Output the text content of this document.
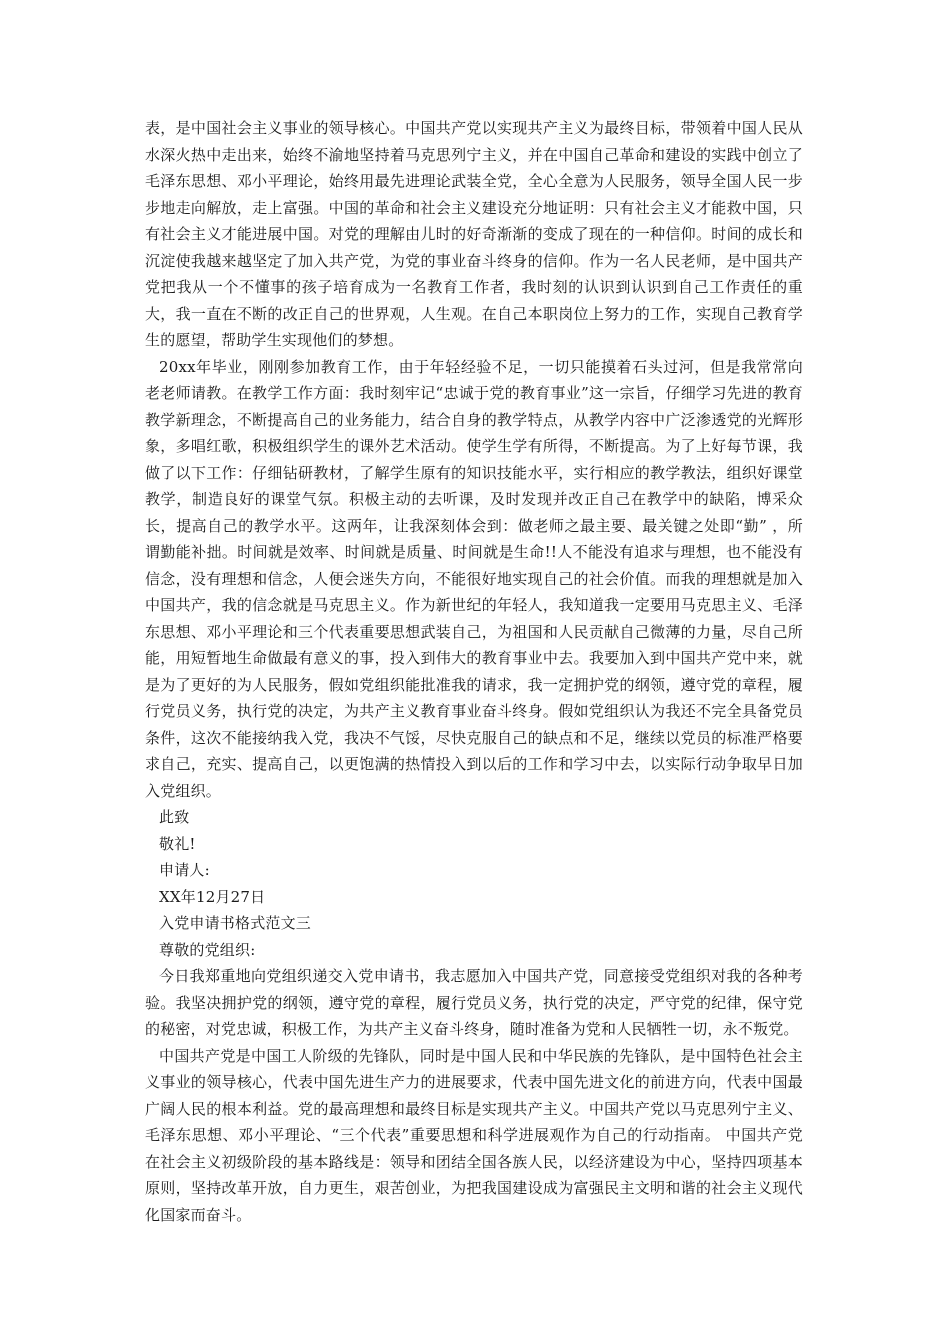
表，是中国社会主义事业的领导核心。中国共产党以实现共产主义为最终目标，带领着中国人民从水深火热中走出来，始终不渝地坚持着马克思列宁主义，并在中国自己革命和建设的实践中创立了毛泽东思想、邓小平理论，始终用最先进理论武装全党，全心全意为人民服务，领导全国人民一步步地走向解放，走上富强。中国的革命和社会主义建设充分地证明：只有社会主义才能救中国，只有社会主义才能进展中国。对党的理解由儿时的好奇渐渐的变成了现在的一种信仰。时间的成长和沉淀使我越来越坚定了加入共产党，为党的事业奋斗终身的信仰。作为一名人民老师，是中国共产党把我从一个不懂事的孩子培育成为一名教育工作者，我时刻的认识到认识到自己工作责任的重大，我一直在不断的改正自己的世界观，人生观。在自己本职岗位上努力的工作，实现自己教育学生的愿望，帮助学生实现他们的梦想。

20xx年毕业，刚刚参加教育工作，由于年轻经验不足，一切只能摸着石头过河，但是我常常向老老师请教。在教学工作方面：我时刻牢记“忠诚于党的教育事业”这一宗旨，仔细学习先进的教育教学新理念，不断提高自己的业务能力，结合自身的教学特点，从教学内容中广泛渗透党的光辉形象，多唱红歌，积极组织学生的课外艺术活动。使学生学有所得，不断提高。为了上好每节课，我做了以下工作：仔细钻研教材，了解学生原有的知识技能水平，实行相应的教学教法，组织好课堂教学，制造良好的课堂气氛。积极主动的去听课，及时发现并改正自己在教学中的缺陷，博采众长，提高自己的教学水平。这两年，让我深刻体会到：做老师之最主要、最关键之处即“勤” ，所谓勤能补拙。时间就是效率、时间就是质量、时间就是生命!!人不能没有追求与理想，也不能没有信念，没有理想和信念，人便会迷失方向，不能很好地实现自己的社会价值。而我的理想就是加入中国共产，我的信念就是马克思主义。作为新世纪的年轻人，我知道我一定要用马克思主义、毛泽东思想、邓小平理论和三个代表重要思想武装自己，为祖国和人民贡献自己微薄的力量，尽自己所能，用短暂地生命做最有意义的事，投入到伟大的教育事业中去。我要加入到中国共产党中来，就是为了更好的为人民服务，假如党组织能批准我的请求，我一定拥护党的纲领，遵守党的章程，履行党员义务，执行党的决定，为共产主义教育事业奋斗终身。假如党组织认为我还不完全具备党员条件，这次不能接纳我入党，我决不气馁，尽快克服自己的缺点和不足，继续以党员的标准严格要求自己，充实、提高自己，以更饱满的热情投入到以后的工作和学习中去，以实际行动争取早日加入党组织。

此致

敬礼!

申请人:

XX年12月27日

入党申请书格式范文三

尊敬的党组织:

今日我郑重地向党组织递交入党申请书，我志愿加入中国共产党，同意接受党组织对我的各种考验。我坚决拥护党的纲领，遵守党的章程，履行党员义务，执行党的决定，严守党的纪律，保守党的秘密，对党忠诚，积极工作，为共产主义奋斗终身，随时准备为党和人民牺牲一切，永不叛党。

中国共产党是中国工人阶级的先锋队，同时是中国人民和中华民族的先锋队，是中国特色社会主义事业的领导核心，代表中国先进生产力的进展要求，代表中国先进文化的前进方向，代表中国最广阔人民的根本利益。党的最高理想和最终目标是实现共产主义。中国共产党以马克思列宁主义、毛泽东思想、邓小平理论、“三个代表”重要思想和科学进展观作为自己的行动指南。 中国共产党在社会主义初级阶段的基本路线是：领导和团结全国各族人民，以经济建设为中心，坚持四项基本原则，坚持改革开放，自力更生，艰苦创业，为把我国建设成为富强民主文明和谐的社会主义现代化国家而奋斗。
